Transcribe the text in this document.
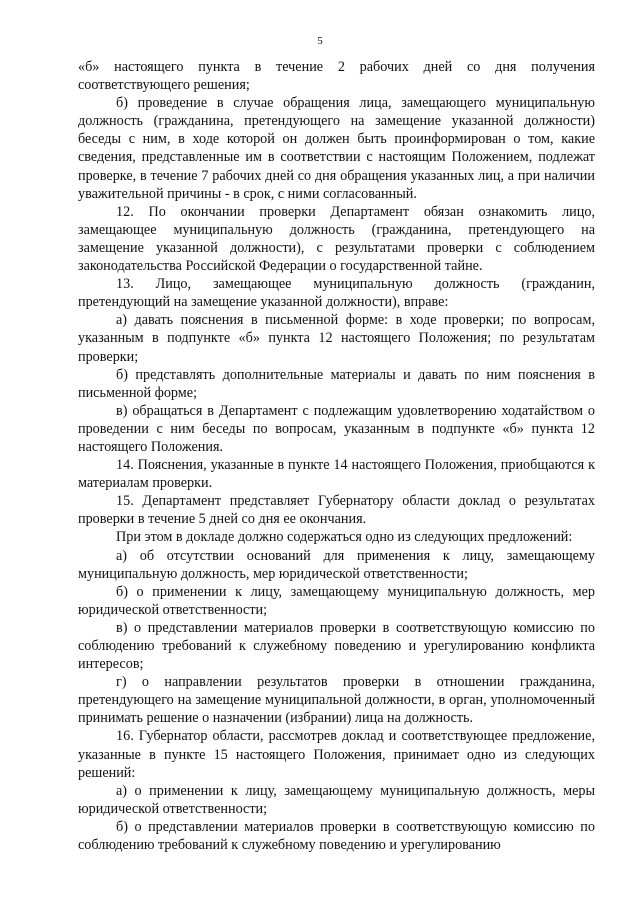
5

«б» настоящего пункта в течение 2 рабочих дней со дня получения соответствующего решения;

б) проведение в случае обращения лица, замещающего муниципальную должность (гражданина, претендующего на замещение указанной должности) беседы с ним, в ходе которой он должен быть проинформирован о том, какие сведения, представленные им в соответствии с настоящим Положением, подлежат проверке, в течение 7 рабочих дней со дня обращения указанных лиц, а при наличии уважительной причины - в срок, с ними согласованный.

12. По окончании проверки Департамент обязан ознакомить лицо, замещающее муниципальную должность (гражданина, претендующего на замещение указанной должности), с результатами проверки с соблюдением законодательства Российской Федерации о государственной тайне.

13. Лицо, замещающее муниципальную должность (гражданин, претендующий на замещение указанной должности), вправе:

а) давать пояснения в письменной форме: в ходе проверки; по вопросам, указанным в подпункте «б» пункта 12 настоящего Положения; по результатам проверки;

б) представлять дополнительные материалы и давать по ним пояснения в письменной форме;

в) обращаться в Департамент с подлежащим удовлетворению ходатайством о проведении с ним беседы по вопросам, указанным в подпункте «б» пункта 12 настоящего Положения.

14. Пояснения, указанные в пункте 14 настоящего Положения, приобщаются к материалам проверки.

15. Департамент представляет Губернатору области доклад о результатах проверки в течение 5 дней со дня ее окончания.

При этом в докладе должно содержаться одно из следующих предложений:

а) об отсутствии оснований для применения к лицу, замещающему муниципальную должность, мер юридической ответственности;

б) о применении к лицу, замещающему муниципальную должность, мер юридической ответственности;

в) о представлении материалов проверки в соответствующую комиссию по соблюдению требований к служебному поведению и урегулированию конфликта интересов;

г) о направлении результатов проверки в отношении гражданина, претендующего на замещение муниципальной должности, в орган, уполномоченный принимать решение о назначении (избрании) лица на должность.

16. Губернатор области, рассмотрев доклад и соответствующее предложение, указанные в пункте 15 настоящего Положения, принимает одно из следующих решений:

а) о применении к лицу, замещающему муниципальную должность, меры юридической ответственности;

б) о представлении материалов проверки в соответствующую комиссию по соблюдению требований к служебному поведению и урегулированию
